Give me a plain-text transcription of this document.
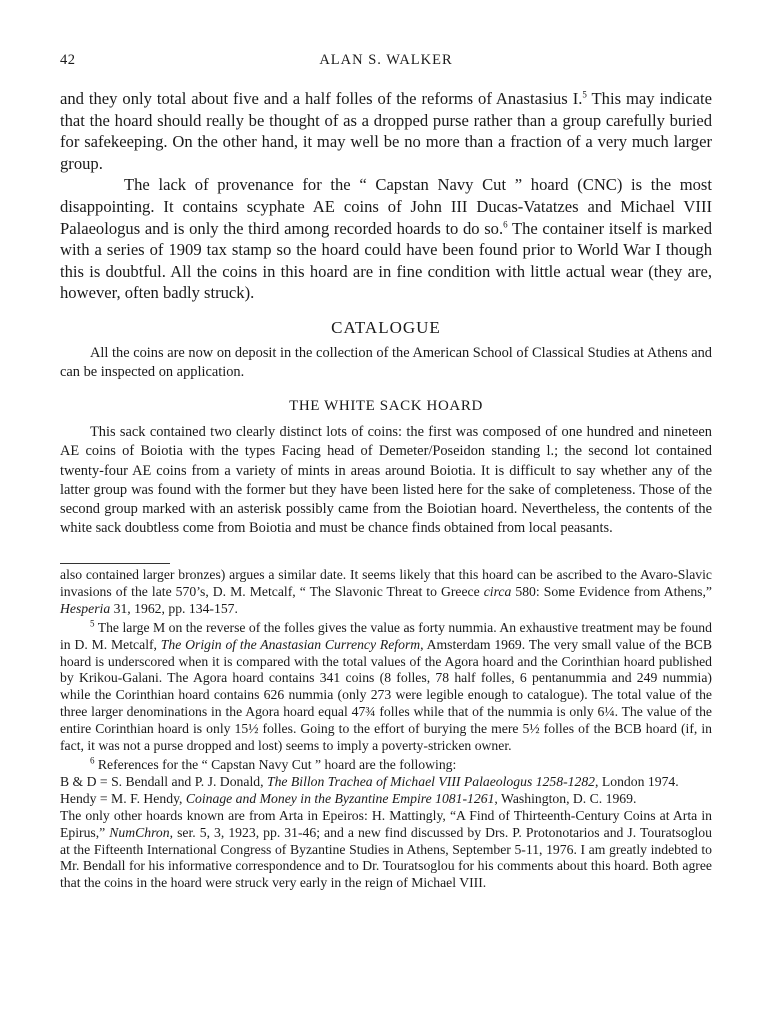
42	ALAN S. WALKER

and they only total about five and a half folles of the reforms of Anastasius I.$^5$ This may indicate that the hoard should really be thought of as a dropped purse rather than a group carefully buried for safekeeping. On the other hand, it may well be no more than a fraction of a very much larger group.

The lack of provenance for the “ Capstan Navy Cut ” hoard (CNC) is the most disappointing. It contains scyphate AE coins of John III Ducas-Vatatzes and Michael VIII Palaeologus and is only the third among recorded hoards to do so.$^6$ The container itself is marked with a series of 1909 tax stamp so the hoard could have been found prior to World War I though this is doubtful. All the coins in this hoard are in fine condition with little actual wear (they are, however, often badly struck).

CATALOGUE
All the coins are now on deposit in the collection of the American School of Classical Studies at Athens and can be inspected on application.
THE WHITE SACK HOARD
This sack contained two clearly distinct lots of coins: the first was composed of one hundred and nineteen AE coins of Boiotia with the types Facing head of Demeter/Poseidon standing l.; the second lot contained twenty-four AE coins from a variety of mints in areas around Boiotia. It is difficult to say whether any of the latter group was found with the former but they have been listed here for the sake of completeness. Those of the second group marked with an asterisk possibly came from the Boiotian hoard. Nevertheless, the contents of the white sack doubtless come from Boiotia and must be chance finds obtained from local peasants.

also contained larger bronzes) argues a similar date. It seems likely that this hoard can be ascribed to the Avaro-Slavic invasions of the late 570’s, D. M. Metcalf, “ The Slavonic Threat to Greece circa 580: Some Evidence from Athens,” Hesperia 31, 1962, pp. 134-157.

$^5$ The large M on the reverse of the folles gives the value as forty nummia. An exhaustive treatment may be found in D. M. Metcalf, The Origin of the Anastasian Currency Reform, Amsterdam 1969. The very small value of the BCB hoard is underscored when it is compared with the total values of the Agora hoard and the Corinthian hoard published by Krikou-Galani. The Agora hoard contains 341 coins (8 folles, 78 half folles, 6 pentanummia and 249 nummia) while the Corinthian hoard contains 626 nummia (only 273 were legible enough to catalogue). The total value of the three larger denominations in the Agora hoard equal 47¾ folles while that of the nummia is only 6¼. The value of the entire Corinthian hoard is only 15½ folles. Going to the effort of burying the mere 5½ folles of the BCB hoard (if, in fact, it was not a purse dropped and lost) seems to imply a poverty-stricken owner.

$^6$ References for the “ Capstan Navy Cut ” hoard are the following:

B & D = S. Bendall and P. J. Donald, The Billon Trachea of Michael VIII Palaeologus 1258-1282, London 1974.

Hendy = M. F. Hendy, Coinage and Money in the Byzantine Empire 1081-1261, Washington, D. C. 1969.

The only other hoards known are from Arta in Epeiros: H. Mattingly, “A Find of Thirteenth-Century Coins at Arta in Epirus,” NumChron, ser. 5, 3, 1923, pp. 31-46; and a new find discussed by Drs. P. Protonotarios and J. Touratsoglou at the Fifteenth International Congress of Byzantine Studies in Athens, September 5-11, 1976. I am greatly indebted to Mr. Bendall for his informative correspondence and to Dr. Touratsoglou for his comments about this hoard. Both agree that the coins in the hoard were struck very early in the reign of Michael VIII.
